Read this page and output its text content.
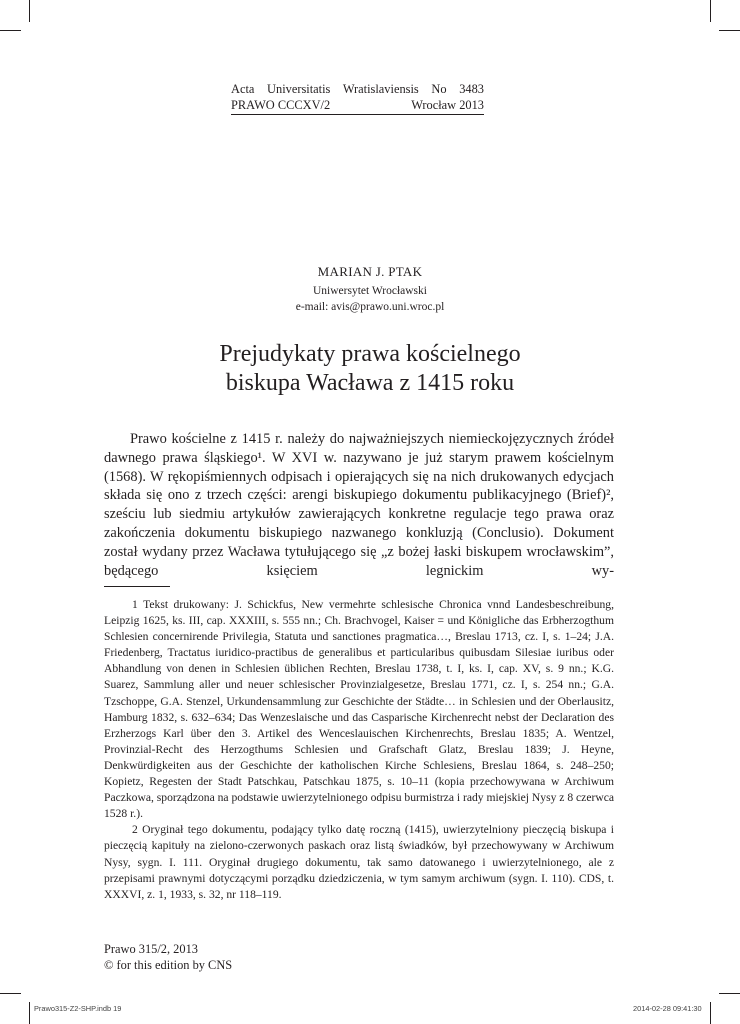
Acta Universitatis Wratislaviensis No 3483
PRAWO CCCXV/2	Wrocław 2013
MARIAN J. PTAK
Uniwersytet Wrocławski
e-mail: avis@prawo.uni.wroc.pl
Prejudykaty prawa kościelnego
biskupa Wacława z 1415 roku

Prawo kościelne z 1415 r. należy do najważniejszych niemieckojęzycznych źródeł dawnego prawa śląskiego¹. W XVI w. nazywano je już starym prawem kościelnym (1568). W rękopiśmiennych odpisach i opierających się na nich drukowanych edycjach składa się ono z trzech części: arengi biskupiego dokumentu publikacyjnego (Brief)², sześciu lub siedmiu artykułów zawierających konkretne regulacje tego prawa oraz zakończenia dokumentu biskupiego nazwanego konkluzją (Conclusio). Dokument został wydany przez Wacława tytułującego się „z bożej łaski biskupem wrocławskim”, będącego księciem legnickim wy-

1 Tekst drukowany: J. Schickfus, New vermehrte schlesische Chronica vnnd Landesbeschreibung, Leipzig 1625, ks. III, cap. XXXIII, s. 555 nn.; Ch. Brachvogel, Kaiser = und Königliche das Erbherzogthum Schlesien concernirende Privilegia, Statuta und sanctiones pragmatica…, Breslau 1713, cz. I, s. 1–24; J.A. Friedenberg, Tractatus iuridico-practibus de generalibus et particularibus quibusdam Silesiae iuribus oder Abhandlung von denen in Schlesien üblichen Rechten, Breslau 1738, t. I, ks. I, cap. XV, s. 9 nn.; K.G. Suarez, Sammlung aller und neuer schlesischer Provinzialgesetze, Breslau 1771, cz. I, s. 254 nn.; G.A. Tzschoppe, G.A. Stenzel, Urkundensammlung zur Geschichte der Städte… in Schlesien und der Oberlausitz, Hamburg 1832, s. 632–634; Das Wenzeslaische und das Casparische Kirchenrecht nebst der Declaration des Erzherzogs Karl über den 3. Artikel des Wenceslauischen Kirchenrechts, Breslau 1835; A. Wentzel, Provinzial-Recht des Herzogthums Schlesien und Grafschaft Glatz, Breslau 1839; J. Heyne, Denkwürdigkeiten aus der Geschichte der katholischen Kirche Schlesiens, Breslau 1864, s. 248–250; Kopietz, Regesten der Stadt Patschkau, Patschkau 1875, s. 10–11 (kopia przechowywana w Archiwum Paczkowa, sporządzona na podstawie uwierzytelnionego odpisu burmistrza i rady miejskiej Nysy z 8 czerwca 1528 r.).

2 Oryginał tego dokumentu, podający tylko datę roczną (1415), uwierzytelniony pieczęcią biskupa i pieczęcią kapituły na zielono-czerwonych paskach oraz listą świadków, był przechowywany w Archiwum Nysy, sygn. I. 111. Oryginał drugiego dokumentu, tak samo datowanego i uwierzytelnionego, ale z przepisami prawnymi dotyczącymi porządku dziedziczenia, w tym samym archiwum (sygn. I. 110). CDS, t. XXXVI, z. 1, 1933, s. 32, nr 118–119.

Prawo 315/2, 2013
© for this edition by CNS
Prawo315-Z2-SHP.indb 19	2014-02-28 09:41:30
